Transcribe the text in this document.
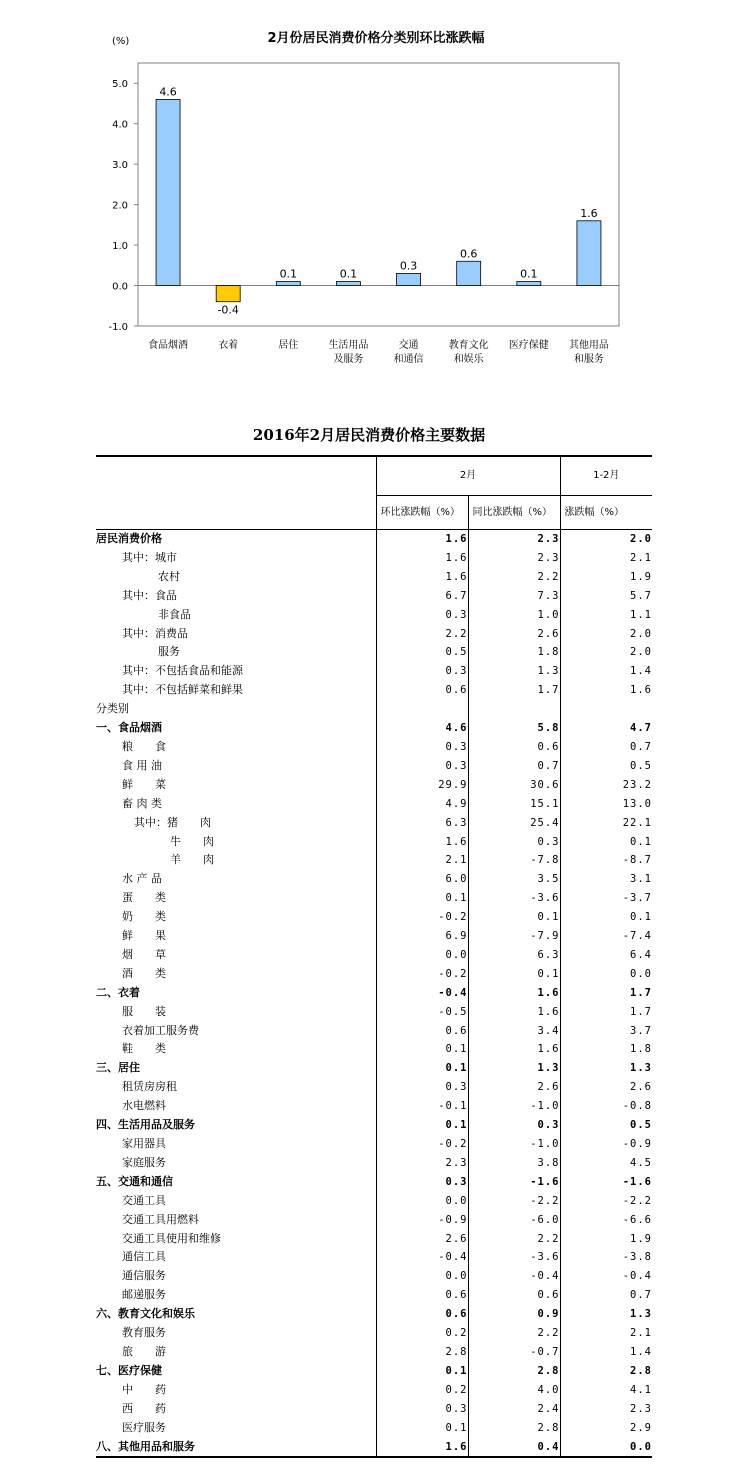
2月份居民消费价格分类别环比涨跌幅
(%)
5.0
4.0
3.0
2.0
1.0
0.0
-1.0
4.6
-0.4
0.1	0.1
0.3
0.6
0.1
1.6
食品烟酒	衣着	居住	生活用品
及服务
交通
和通信
教育文化
和娱乐
医疗保健 其他用品
和服务
2016年2月居民消费价格主要数据
	2月		1-2月
	环比涨跌幅（%）	同比涨跌幅（%）	涨跌幅（%）
居民消费价格	1.6	2.3	2.0
其中：城市	1.6	2.3	2.1
农村	1.6	2.2	1.9
其中：食品	6.7	7.3	5.7
非食品	0.3	1.0	1.1
其中：消费品	2.2	2.6	2.0
服务	0.5	1.8	2.0
其中：不包括食品和能源	0.3	1.3	1.4
其中：不包括鲜菜和鲜果	0.6	1.7	1.6
分类别			
一、食品烟酒	4.6	5.8	4.7
粮　　食	0.3	0.6	0.7
食 用 油	0.3	0.7	0.5
鲜　　菜	29.9	30.6	23.2
畜 肉 类	4.9	15.1	13.0
其中：猪　　肉	6.3	25.4	22.1
牛　　肉	1.6	0.3	0.1
羊　　肉	2.1	-7.8	-8.7
水 产 品	6.0	3.5	3.1
蛋　　类	0.1	-3.6	-3.7
奶　　类	-0.2	0.1	0.1
鲜　　果	6.9	-7.9	-7.4
烟　　草	0.0	6.3	6.4
酒　　类	-0.2	0.1	0.0
二、衣着	-0.4	1.6	1.7
服　　装	-0.5	1.6	1.7
衣着加工服务费	0.6	3.4	3.7
鞋　　类	0.1	1.6	1.8
三、居住	0.1	1.3	1.3
租赁房房租	0.3	2.6	2.6
水电燃料	-0.1	-1.0	-0.8
四、生活用品及服务	0.1	0.3	0.5
家用器具	-0.2	-1.0	-0.9
家庭服务	2.3	3.8	4.5
五、交通和通信	0.3	-1.6	-1.6
交通工具	0.0	-2.2	-2.2
交通工具用燃料	-0.9	-6.0	-6.6
交通工具使用和维修	2.6	2.2	1.9
通信工具	-0.4	-3.6	-3.8
通信服务	0.0	-0.4	-0.4
邮递服务	0.6	0.6	0.7
六、教育文化和娱乐	0.6	0.9	1.3
教育服务	0.2	2.2	2.1
旅　　游	2.8	-0.7	1.4
七、医疗保健	0.1	2.8	2.8
中　　药	0.2	4.0	4.1
西　　药	0.3	2.4	2.3
医疗服务	0.1	2.8	2.9
八、其他用品和服务	1.6	0.4	0.0
